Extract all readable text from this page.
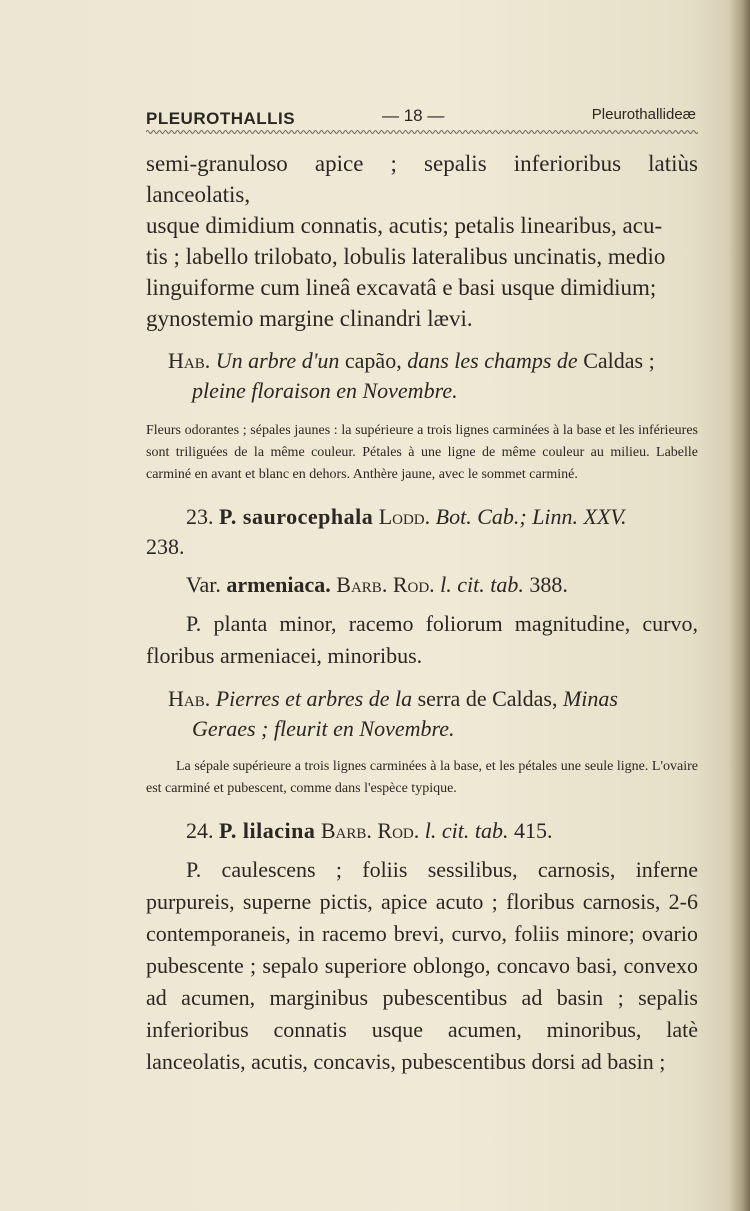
PLEUROTHALLIS	— 18 —	Pleurothallideæ

semi-granuloso apice ; sepalis inferioribus latiùs lanceolatis,

usque dimidium connatis, acutis; petalis linearibus, acu-

tis ; labello trilobato, lobulis lateralibus uncinatis, medio

linguiforme cum lineâ excavatâ e basi usque dimidium;

gynostemio margine clinandri lævi.

Hab. Un arbre d'un capão, dans les champs de Caldas ;
pleine floraison en Novembre.

Fleurs odorantes ; sépales jaunes : la supérieure a trois lignes carminées à la base et les inférieures sont triliguées de la même couleur. Pétales à une ligne de même couleur au milieu. Labelle carminé en avant et blanc en dehors. Anthère jaune, avec le sommet carminé.

23. P. saurocephala Lodd. Bot. Cab.; Linn. XXV.
238.
Var. armeniaca. Barb. Rod. l. cit. tab. 388.

P. planta minor, racemo foliorum magnitudine, curvo, floribus armeniacei, minoribus.

Hab. Pierres et arbres de la serra de Caldas, Minas
Geraes ; fleurit en Novembre.

La sépale supérieure a trois lignes carminées à la base, et les pétales une seule ligne. L'ovaire est carminé et pubescent, comme dans l'espèce typique.

24. P. lilacina Barb. Rod. l. cit. tab. 415.

P. caulescens ; foliis sessilibus, carnosis, inferne purpureis, superne pictis, apice acuto ; floribus carnosis, 2-6 contemporaneis, in racemo brevi, curvo, foliis minore; ovario pubescente ; sepalo superiore oblongo, concavo basi, convexo ad acumen, marginibus pubescentibus ad basin ; sepalis inferioribus connatis usque acumen, minoribus, latè lanceolatis, acutis, concavis, pubescentibus dorsi ad basin ;
